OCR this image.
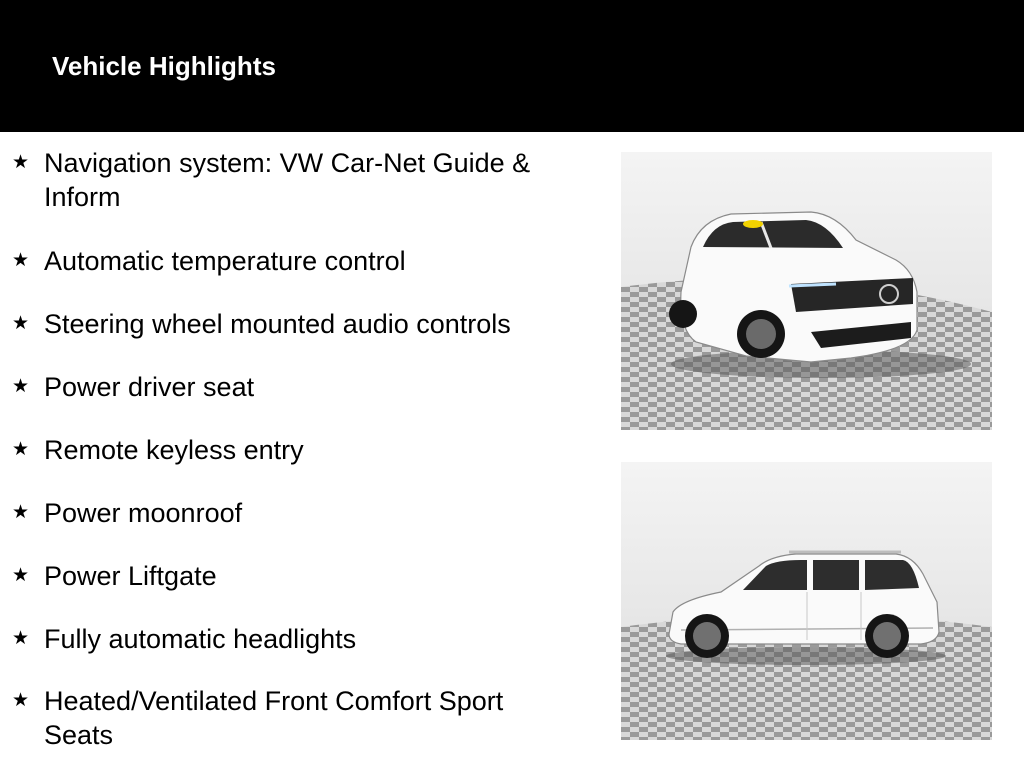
Vehicle Highlights
★ Navigation system: VW Car-Net Guide & Inform
★ Automatic temperature control
★ Steering wheel mounted audio controls
★ Power driver seat
★ Remote keyless entry
★ Power moonroof
★ Power Liftgate
★ Fully automatic headlights
★ Heated/Ventilated Front Comfort Sport Seats
